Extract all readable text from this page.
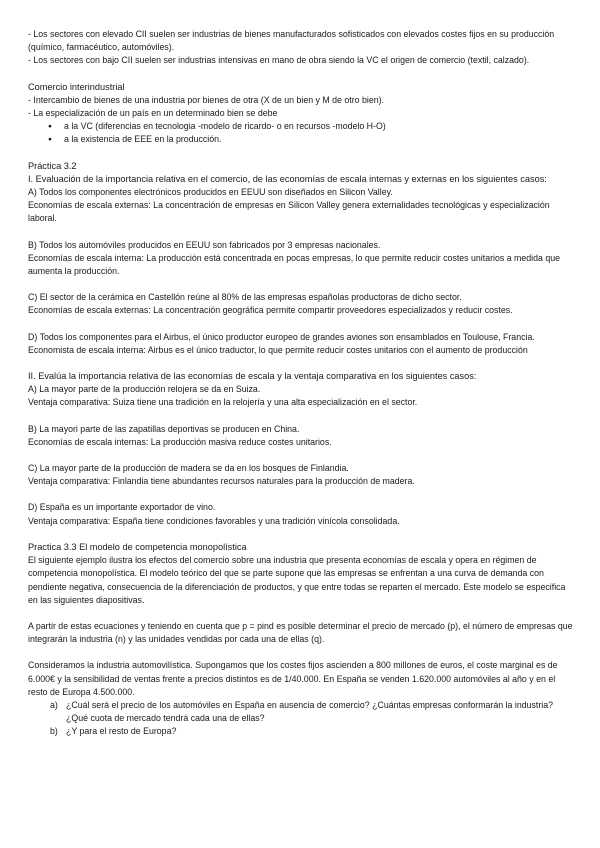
- Los sectores con elevado CII suelen ser industrias de bienes manufacturados sofisticados con elevados costes fijos en su producción (químico, farmacéutico, automóviles).

- Los sectores con bajo CII suelen ser industrias intensivas en mano de obra siendo la VC el origen de comercio (textil, calzado).

Comercio interindustrial

- Intercambio de bienes de una industria por bienes de otra (X de un bien y M de otro bien).

- La especialización de un país en un determinado bien se debe

● a la VC (diferencias en tecnologia -modelo de ricardo- o en recursos -modelo H-O)
● a la existencia de EEE en la producción.

Práctica 3.2

I. Evaluación de la importancia relativa en el comercio, de las economías de escala internas y externas en los siguientes casos:

A) Todos los componentes electrónicos producidos en EEUU son diseñados en Silicon Valley.

Economías de escala externas: La concentración de empresas en Silicon Valley genera externalidades tecnológicas y especialización laboral.

B) Todos los automóviles producidos en EEUU son fabricados por 3 empresas nacionales.

Economías de escala interna: La producción está concentrada en pocas empresas, lo que permite reducir costes unitarios a medida que aumenta la producción.

C) El sector de la cerámica en Castellón reúne al 80% de las empresas españolas productoras de dicho sector.

Economías de escala externas: La concentración geográfica permite compartir proveedores especializados y reducir costes.

D) Todos los componentes para el Airbus, el único productor europeo de grandes aviones son ensamblados en Toulouse, Francia.

Economista de escala interna: Airbus es el único traductor, lo que permite reducir costes unitarios con el aumento de producción

II. Evalúa la importancia relativa de las economías de escala y la ventaja comparativa en los siguientes casos:

A) La mayor parte de la producción relojera se da en Suiza.

Ventaja comparativa: Suiza tiene una tradición en la relojería y una alta especialización en el sector.

B) La mayori parte de las zapatillas deportivas se producen en China.

Economías de escala internas: La producción masiva reduce costes unitarios.

C) La mayor parte de la producción de madera se da en los bosques de Finlandia.

Ventaja comparativa: Finlandia tiene abundantes recursos naturales para la producción de madera.

D) España es un importante exportador de vino.

Ventaja comparativa: España tiene condiciones favorables y una tradición vinícola consolidada.

Practica 3.3 El modelo de competencia monopolística

El siguiente ejemplo ilustra los efectos del comercio sobre una industria que presenta economías de escala y opera en régimen de competencia monopolística. El modelo teórico del que se parte supone que las empresas se enfrentan a una curva de demanda con pendiente negativa, consecuencia de la diferenciación de productos, y que entre todas se reparten el mercado. Este modelo se especifica en las siguientes diapositivas.

A partir de estas ecuaciones y teniendo en cuenta que p = pind es posible determinar el precio de mercado (p), el número de empresas que integrarán la industria (n) y las unidades vendidas por cada una de ellas (q).

Consideramos la industria automovilística. Supongamos que los costes fijos ascienden a 800 millones de euros, el coste marginal es de 6.000€ y la sensibilidad de ventas frente a precios distintos es de 1/40.000. En España se venden 1.620.000 automóviles al año y en el resto de Europa 4.500.000.

a) ¿Cuál será el precio de los automóviles en España en ausencia de comercio? ¿Cuántas empresas conformarán la industria? ¿Qué cuota de mercado tendrá cada una de ellas?
b) ¿Y para el resto de Europa?
